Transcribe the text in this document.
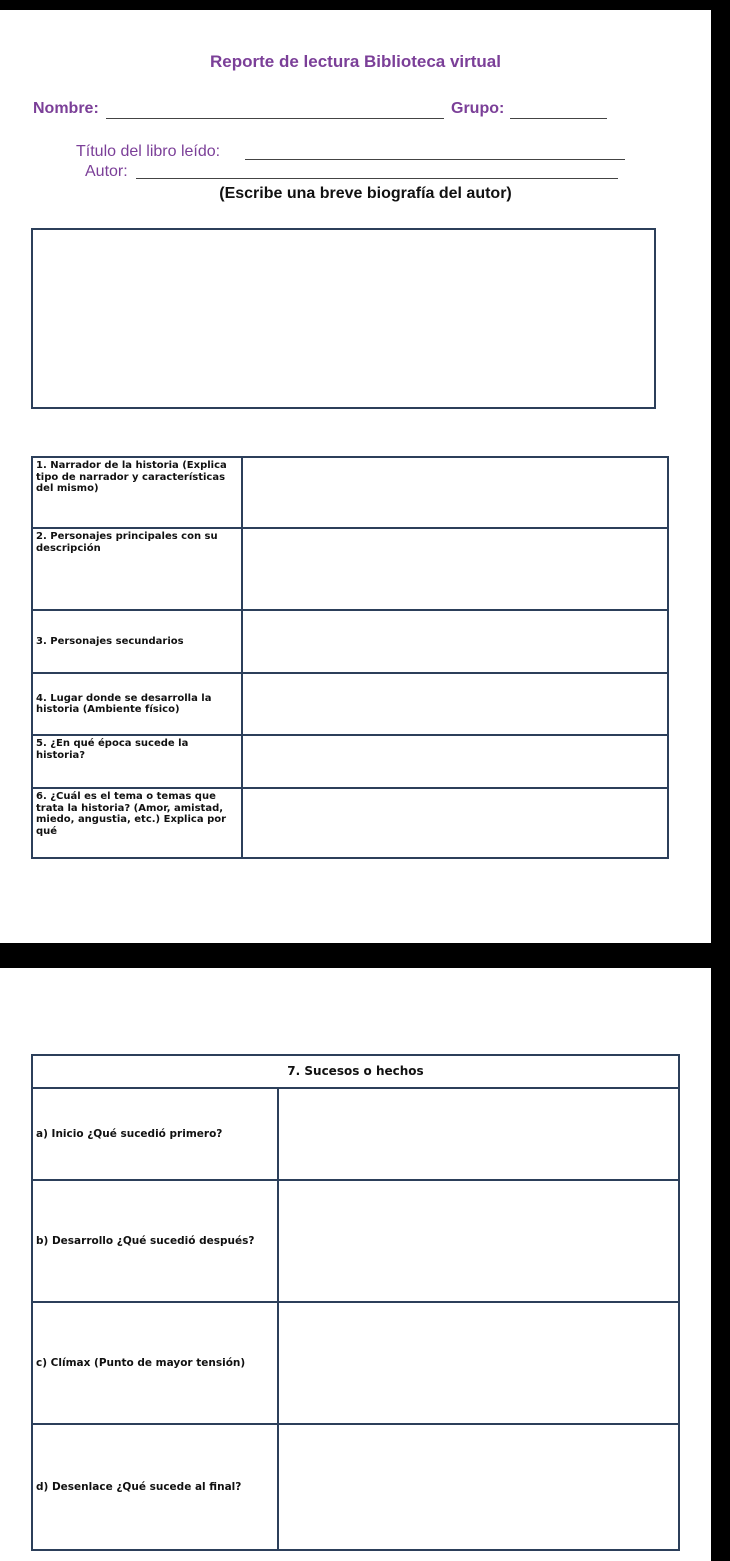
Reporte de lectura Biblioteca virtual
Nombre:	Grupo:
Título del libro leído:
Autor:
(Escribe una breve biografía del autor)
1. Narrador de la historia (Explica tipo de narrador y características del mismo)	
2. Personajes principales con su descripción	
3. Personajes secundarios	
4. Lugar donde se desarrolla la historia (Ambiente físico)	
5. ¿En qué época sucede la historia?	
6. ¿Cuál es el tema o temas que trata la historia? (Amor, amistad, miedo, angustia, etc.) Explica por qué	
7. Sucesos o hechos	
a) Inicio ¿Qué sucedió primero?	
b) Desarrollo ¿Qué sucedió después?	
c) Clímax (Punto de mayor tensión)	
d) Desenlace ¿Qué sucede al final?	
